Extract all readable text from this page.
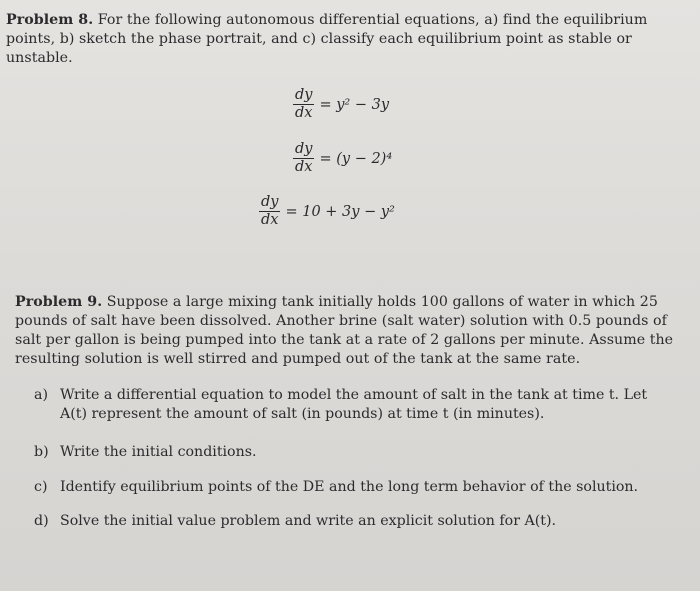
Problem 8. For the following autonomous differential equations, a) find the equilibrium points, b) sketch the phase portrait, and c) classify each equilibrium point as stable or unstable.
$\frac{dy}{dx} = y^2 - 3y$
$\frac{dy}{dx} = (y - 2)^4$
$\frac{dy}{dx} = 10 + 3y - y^2$
Problem 9. Suppose a large mixing tank initially holds 100 gallons of water in which 25 pounds of salt have been dissolved. Another brine (salt water) solution with 0.5 pounds of salt per gallon is being pumped into the tank at a rate of 2 gallons per minute. Assume the resulting solution is well stirred and pumped out of the tank at the same rate.
a) Write a differential equation to model the amount of salt in the tank at time t. Let
A(t) represent the amount of salt (in pounds) at time t (in minutes).
b) Write the initial conditions.
c) Identify equilibrium points of the DE and the long term behavior of the solution.
d) Solve the initial value problem and write an explicit solution for A(t).
